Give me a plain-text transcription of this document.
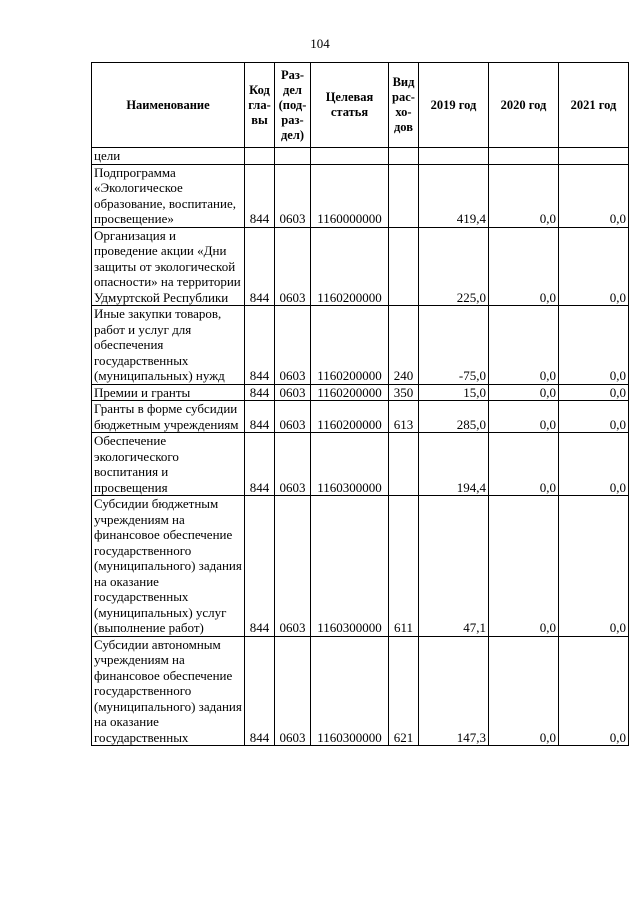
104
Наименование	Код гла- вы	Раз- дел (под- раз- дел)	Целевая статья	Вид рас- хо- дов	2019 год	2020 год	2021 год
цели							
Подпрограмма «Экологическое образование, воспитание, просвещение»	844	0603	1160000000		419,4	0,0	0,0
Организация и проведение акции «Дни защиты от экологической опасности» на территории Удмуртской Республики	844	0603	1160200000		225,0	0,0	0,0
Иные закупки товаров, работ и услуг для обеспечения государственных (муниципальных) нужд	844	0603	1160200000	240	-75,0	0,0	0,0
Премии и гранты	844	0603	1160200000	350	15,0	0,0	0,0
Гранты в форме субсидии бюджетным учреждениям	844	0603	1160200000	613	285,0	0,0	0,0
Обеспечение экологического воспитания и просвещения	844	0603	1160300000		194,4	0,0	0,0
Субсидии бюджетным учреждениям на финансовое обеспечение государственного (муниципального) задания на оказание государственных (муниципальных) услуг (выполнение работ)	844	0603	1160300000	611	47,1	0,0	0,0
Субсидии автономным учреждениям на финансовое обеспечение государственного (муниципального) задания на оказание государственных	844	0603	1160300000	621	147,3	0,0	0,0
